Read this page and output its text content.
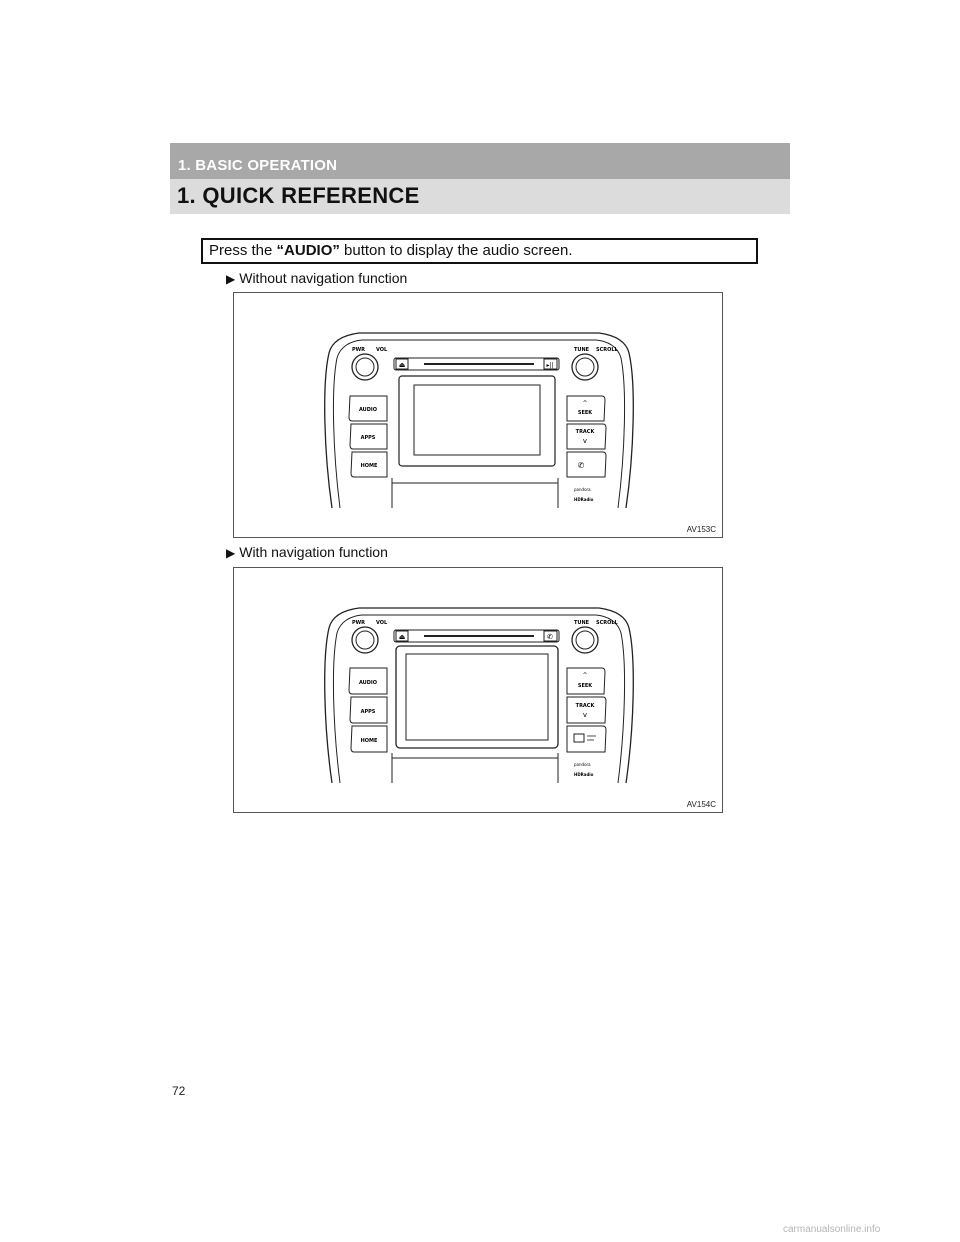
1. BASIC OPERATION
1. QUICK REFERENCE
Press the “AUDIO” button to display the audio screen.
▶ Without navigation function
⏏	▸||
PWR VOL	TUNE SCROLL
AUDIO
APPS
HOME
^
SEEK
TRACK
v
✆
pandora
HDRadio
AV153C
▶ With navigation function
⏏	✆
PWR VOL	TUNE SCROLL
AUDIO
APPS
HOME
^
SEEK
TRACK
v
pandora
HDRadio
AV154C
72
carmanualsonline.info
